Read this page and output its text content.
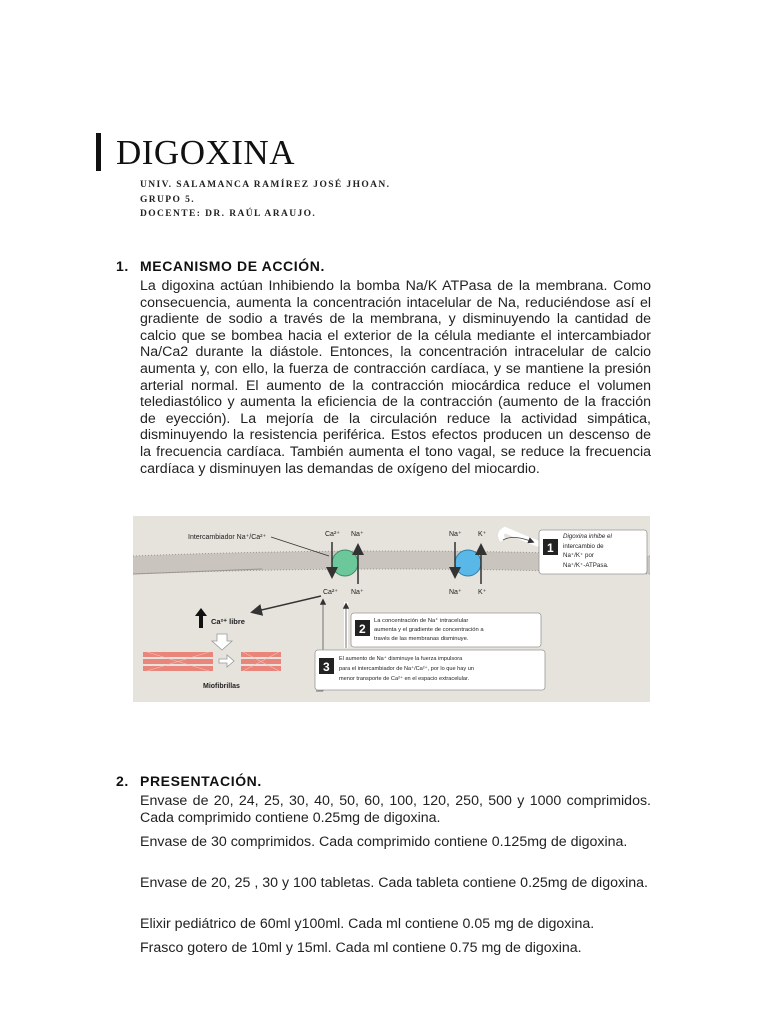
DIGOXINA
UNIV. SALAMANCA RAMÍREZ JOSÉ JHOAN.
GRUPO 5.
DOCENTE: DR. RAÚL ARAUJO.
1. MECANISMO DE ACCIÓN.
La digoxina actúan Inhibiendo la bomba Na/K ATPasa de la membrana. Como consecuencia, aumenta la concentración intacelular de Na, reduciéndose así el gradiente de sodio a través de la membrana, y disminuyendo la cantidad de calcio que se bombea hacia el exterior de la célula mediante el intercambiador Na/Ca2 durante la diástole. Entonces, la concentración intracelular de calcio aumenta y, con ello, la fuerza de contracción cardíaca, y se mantiene la presión arterial normal. El aumento de la contracción miocárdica reduce el volumen telediastólico y aumenta la eficiencia de la contracción (aumento de la fracción de eyección). La mejoría de la circulación reduce la actividad simpática, disminuyendo la resistencia periférica. Estos efectos producen un descenso de la frecuencia cardíaca. También aumenta el tono vagal, se reduce la frecuencia cardíaca y disminuyen las demandas de oxígeno del miocardio.
Ca²⁺ Na⁺	Na⁺ K⁺
Ca²⁺ Na⁺	Na⁺ K⁺
Intercambiador Na⁺/Ca²⁺
Ca²⁺ libre
Miofibrillas
1
Digoxina inhibe el
intercambio de
Na⁺/K⁺ por
Na⁺/K⁺-ATPasa.
2
La concentración de Na⁺ intracelular
aumenta y el gradiente de concentración a
través de las membranas disminuye.
3
El aumento de Na⁺ disminuye la fuerza impulsora
para el intercambiador de Na⁺/Ca²⁺, por lo que hay un
menor transporte de Ca²⁺ en el espacio extracelular.
2. PRESENTACIÓN.
Envase de 20, 24, 25, 30, 40, 50, 60, 100, 120, 250, 500 y 1000 comprimidos. Cada comprimido contiene 0.25mg de digoxina.
Envase de 30 comprimidos. Cada comprimido contiene 0.125mg de digoxina.
Envase de 20, 25 , 30 y 100 tabletas. Cada tableta contiene 0.25mg de digoxina.
Elixir pediátrico de 60ml y100ml. Cada ml contiene 0.05 mg de digoxina.
Frasco gotero de 10ml y 15ml. Cada ml contiene 0.75 mg de digoxina.
